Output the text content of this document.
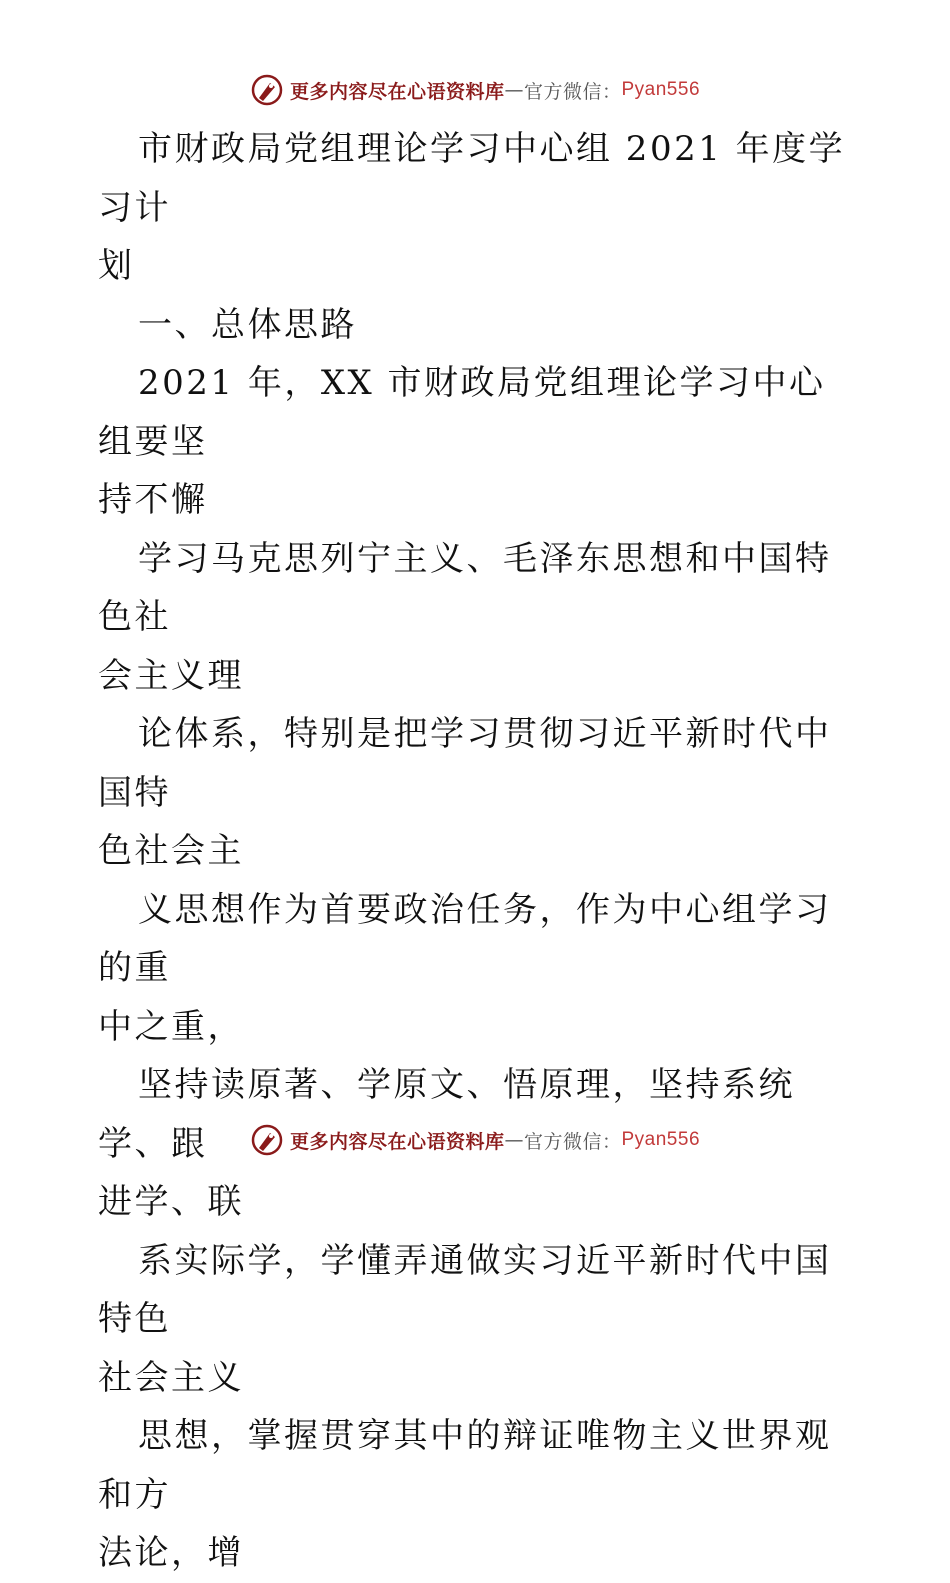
更多内容尽在心语资料库 — 官方微信： Pyan556

市财政局党组理论学习中心组 2021 年度学习计
划

一、总体思路

2021 年，XX 市财政局党组理论学习中心组要坚
持不懈

学习马克思列宁主义、毛泽东思想和中国特色社
会主义理

论体系，特别是把学习贯彻习近平新时代中国特
色社会主

义思想作为首要政治任务，作为中心组学习的重
中之重，

坚持读原著、学原文、悟原理，坚持系统学、跟
进学、联

系实际学，学懂弄通做实习近平新时代中国特色
社会主义

思想，掌握贯穿其中的辩证唯物主义世界观和方
法论，增

更多内容尽在心语资料库 — 官方微信： Pyan556
